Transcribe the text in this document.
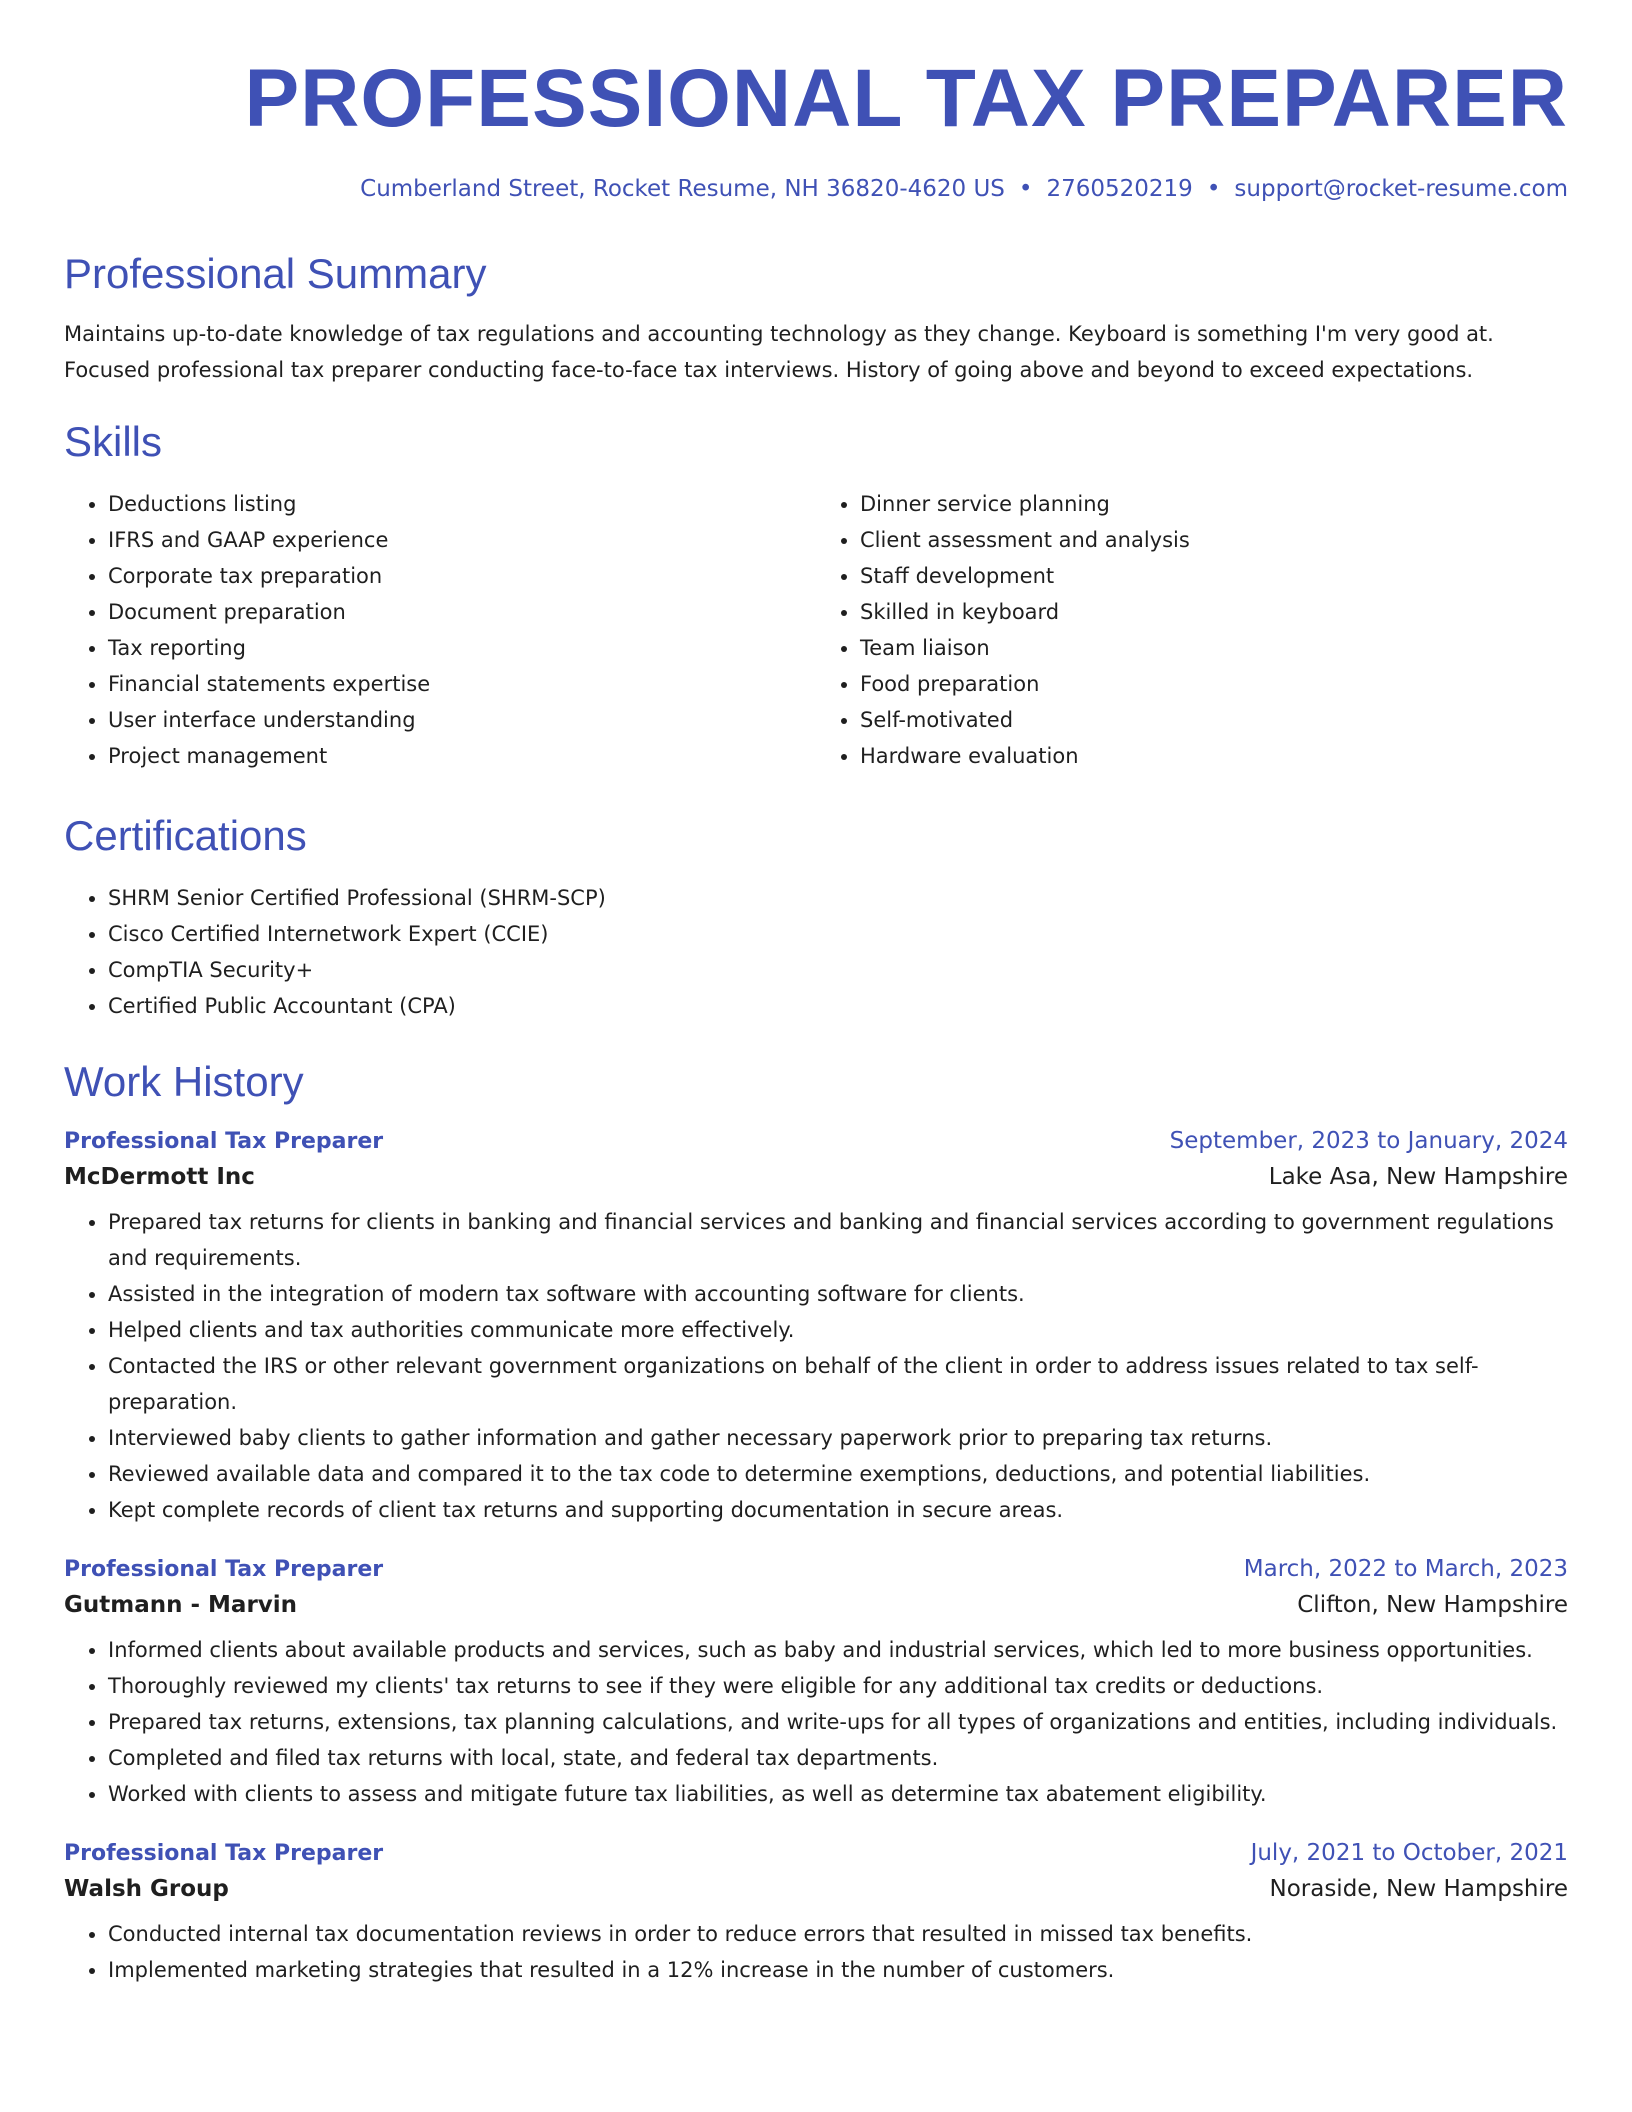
PROFESSIONAL TAX PREPARER
Cumberland Street, Rocket Resume, NH 36820-4620 US • 2760520219 • support@rocket-resume.com
Professional Summary
Maintains up-to-date knowledge of tax regulations and accounting technology as they change. Keyboard is something I'm very good at. Focused professional tax preparer conducting face-to-face tax interviews. History of going above and beyond to exceed expectations.
Skills
• Deductions listing
• IFRS and GAAP experience
• Corporate tax preparation
• Document preparation
• Tax reporting
• Financial statements expertise
• User interface understanding
• Project management
• Dinner service planning
• Client assessment and analysis
• Staff development
• Skilled in keyboard
• Team liaison
• Food preparation
• Self-motivated
• Hardware evaluation
Certifications
• SHRM Senior Certified Professional (SHRM-SCP)
• Cisco Certified Internetwork Expert (CCIE)
• CompTIA Security+
• Certified Public Accountant (CPA)
Work History
Professional Tax Preparer	September, 2023 to January, 2024
McDermott Inc	Lake Asa, New Hampshire
• Prepared tax returns for clients in banking and financial services and banking and financial services according to government regulations and requirements.
• Assisted in the integration of modern tax software with accounting software for clients.
• Helped clients and tax authorities communicate more effectively.
• Contacted the IRS or other relevant government organizations on behalf of the client in order to address issues related to tax self-preparation.
• Interviewed baby clients to gather information and gather necessary paperwork prior to preparing tax returns.
• Reviewed available data and compared it to the tax code to determine exemptions, deductions, and potential liabilities.
• Kept complete records of client tax returns and supporting documentation in secure areas.
Professional Tax Preparer	March, 2022 to March, 2023
Gutmann - Marvin	Clifton, New Hampshire
• Informed clients about available products and services, such as baby and industrial services, which led to more business opportunities.
• Thoroughly reviewed my clients' tax returns to see if they were eligible for any additional tax credits or deductions.
• Prepared tax returns, extensions, tax planning calculations, and write-ups for all types of organizations and entities, including individuals.
• Completed and filed tax returns with local, state, and federal tax departments.
• Worked with clients to assess and mitigate future tax liabilities, as well as determine tax abatement eligibility.
Professional Tax Preparer	July, 2021 to October, 2021
Walsh Group	Noraside, New Hampshire
• Conducted internal tax documentation reviews in order to reduce errors that resulted in missed tax benefits.
• Implemented marketing strategies that resulted in a 12% increase in the number of customers.
